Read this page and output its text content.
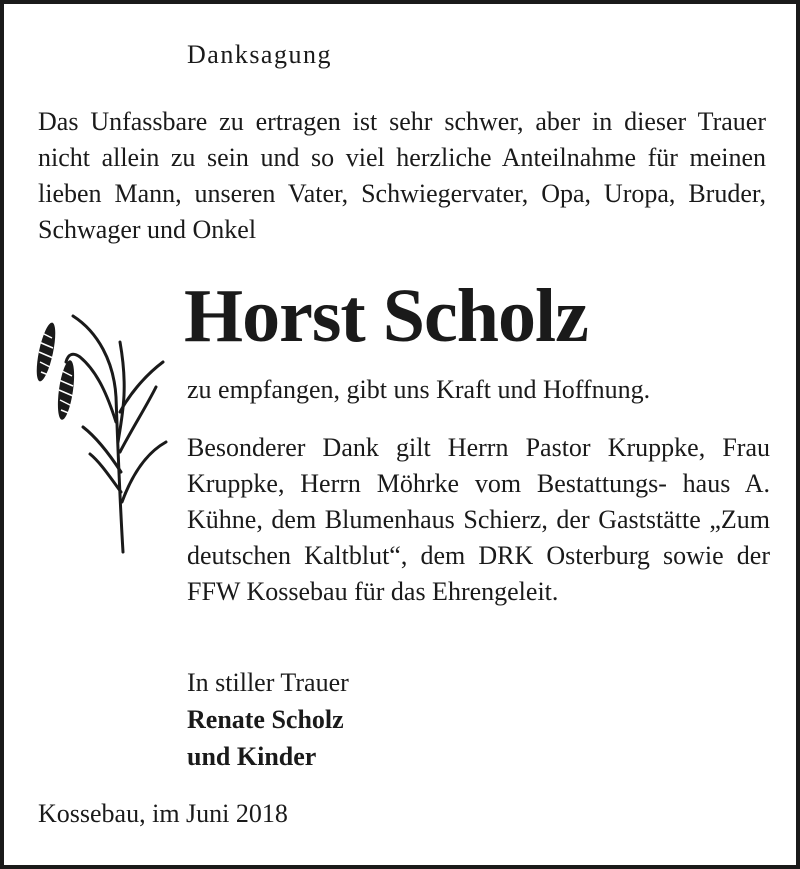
Danksagung
Das Unfassbare zu ertragen ist sehr schwer, aber in dieser Trauer nicht allein zu sein und so viel herzliche Anteilnahme für meinen lieben Mann, unseren Vater, Schwiegervater, Opa, Uropa, Bruder, Schwager und Onkel
Horst Scholz
zu empfangen, gibt uns Kraft und Hoffnung.
Besonderer Dank gilt Herrn Pastor Kruppke, Frau Kruppke, Herrn Möhrke vom Bestattungs- haus A. Kühne, dem Blumenhaus Schierz, der Gaststätte „Zum deutschen Kaltblut“, dem DRK Osterburg sowie der FFW Kossebau für das Ehrengeleit.
In stiller Trauer
Renate Scholz
und Kinder
Kossebau, im Juni 2018
